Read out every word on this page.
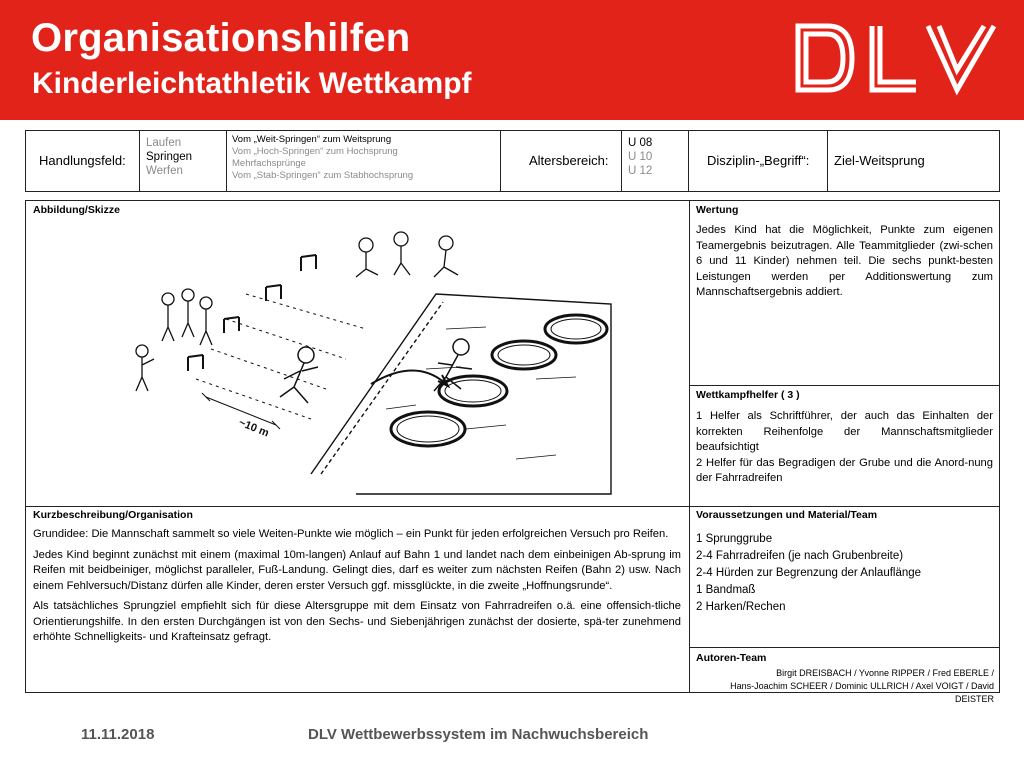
Organisationshilfen
Kinderleichtathletik Wettkampf
Handlungsfeld:
Laufen
Springen
Werfen
Vom „Weit-Springen“ zum Weitsprung
Vom „Hoch-Springen“ zum Hochsprung
Mehrfachsprünge
Vom „Stab-Springen“ zum Stabhochsprung
Altersbereich:
U 08
U 10
U 12
Disziplin-„Begriff“: Ziel-Weitsprung
Abbildung/Skizze
~10 m
Wertung
Jedes Kind hat die Möglichkeit, Punkte zum eigenen Teamergebnis beizutragen. Alle Teammitglieder (zwi-schen 6 und 11 Kinder) nehmen teil. Die sechs punkt-besten Leistungen werden per Additionswertung zum Mannschaftsergebnis addiert.
Wettkampfhelfer ( 3 )
1 Helfer als Schriftführer, der auch das Einhalten der korrekten Reihenfolge der Mannschaftsmitglieder beaufsichtigt
2 Helfer für das Begradigen der Grube und die Anord-nung der Fahrradreifen
Kurzbeschreibung/Organisation

Grundidee: Die Mannschaft sammelt so viele Weiten-Punkte wie möglich – ein Punkt für jeden erfolgreichen Versuch pro Reifen.

Jedes Kind beginnt zunächst mit einem (maximal 10m-langen) Anlauf auf Bahn 1 und landet nach dem einbeinigen Ab-sprung im Reifen mit beidbeiniger, möglichst paralleler, Fuß-Landung. Gelingt dies, darf es weiter zum nächsten Reifen (Bahn 2) usw. Nach einem Fehlversuch/Distanz dürfen alle Kinder, deren erster Versuch ggf. missglückte, in die zweite „Hoffnungsrunde“.

Als tatsächliches Sprungziel empfiehlt sich für diese Altersgruppe mit dem Einsatz von Fahrradreifen o.ä. eine offensich-tliche Orientierungshilfe. In den ersten Durchgängen ist von den Sechs- und Siebenjährigen zunächst der dosierte, spä-ter zunehmend erhöhte Schnelligkeits- und Krafteinsatz gefragt.

Voraussetzungen und Material/Team
1 Sprunggrube
2-4 Fahrradreifen (je nach Grubenbreite)
2-4 Hürden zur Begrenzung der Anlauflänge
1 Bandmaß
2 Harken/Rechen
Autoren-Team
Birgit DREISBACH / Yvonne RIPPER / Fred EBERLE /
Hans-Joachim SCHEER / Dominic ULLRICH / Axel VOIGT / David DEISTER
11.11.2018	DLV Wettbewerbssystem im Nachwuchsbereich
